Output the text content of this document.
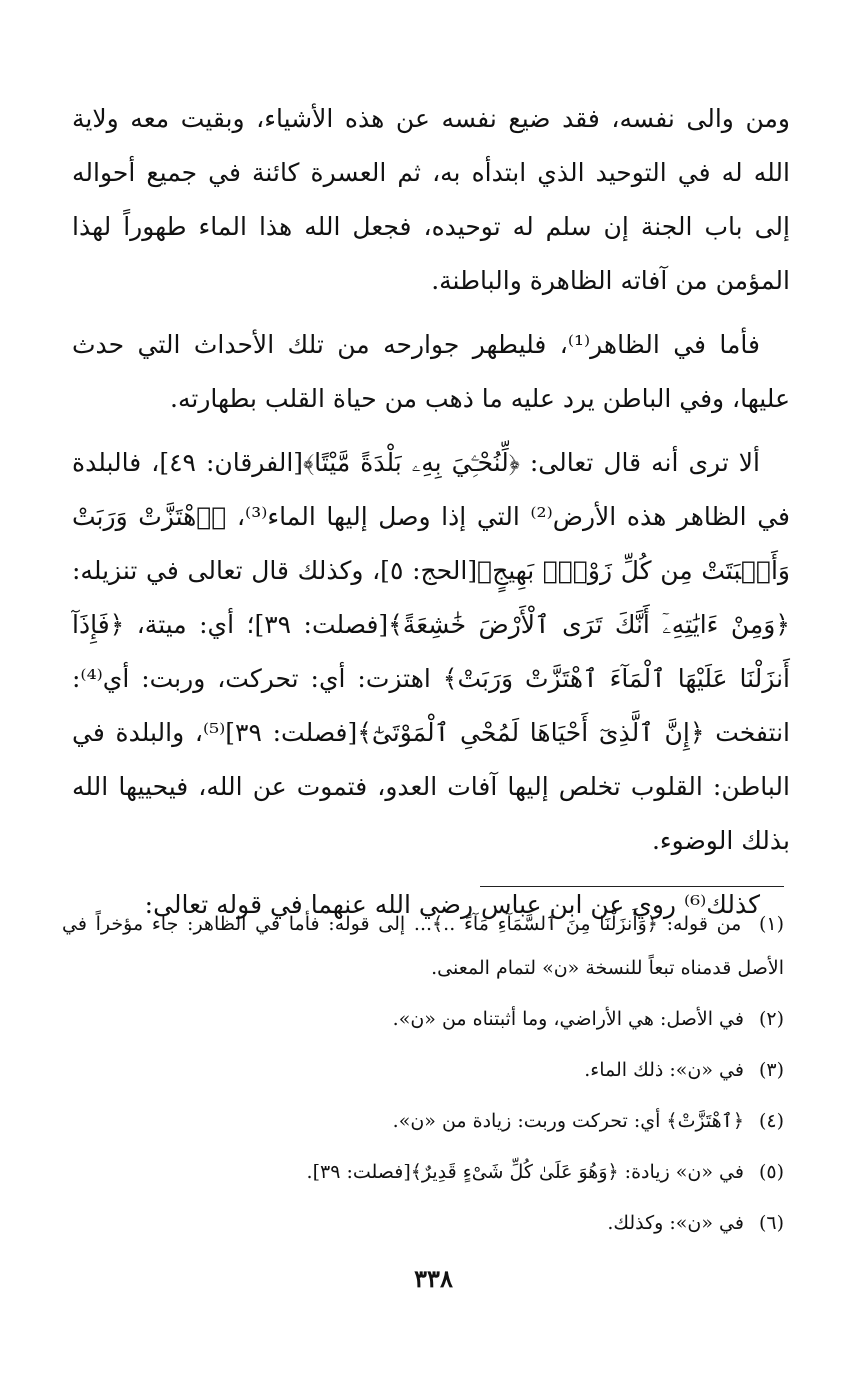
ومن والى نفسه، فقد ضيع نفسه عن هذه الأشياء، وبقيت معه ولاية الله له في التوحيد الذي ابتدأه به، ثم العسرة كائنة في جميع أحواله إلى باب الجنة إن سلم له توحيده، فجعل الله هذا الماء طهوراً لهذا المؤمن من آفاته الظاهرة والباطنة.

فأما في الظاهر⁽¹⁾، فليطهر جوارحه من تلك الأحداث التي حدث عليها، وفي الباطن يرد عليه ما ذهب من حياة القلب بطهارته.

ألا ترى أنه قال تعالى: ﴿لِّنُحْـِۧيَ بِهِۦ بَلْدَةً مَّيْتًا﴾[الفرقان: ٤٩]، فالبلدة في الظاهر هذه الأرض⁽²⁾ التي إذا وصل إليها الماء⁽³⁾، ﴿ٱهْتَزَّتْ وَرَبَتْ وَأَنۢبَتَتْ مِن كُلِّ زَوْجٍۭ بَهِيجٍ﴾[الحج: ٥]، وكذلك قال تعالى في تنزيله: ﴿وَمِنْ ءَايَٰتِهِۦٓ أَنَّكَ تَرَى ٱلْأَرْضَ خَٰشِعَةً﴾[فصلت: ٣٩]؛ أي: ميتة، ﴿فَإِذَآ أَنزَلْنَا عَلَيْهَا ٱلْمَآءَ ٱهْتَزَّتْ وَرَبَتْ﴾ اهتزت: أي: تحركت، وربت: أي⁽⁴⁾: انتفخت ﴿إِنَّ ٱلَّذِىٓ أَحْيَاهَا لَمُحْىِ ٱلْمَوْتَىٰٓ﴾[فصلت: ٣٩]⁽⁵⁾، والبلدة في الباطن: القلوب تخلص إليها آفات العدو، فتموت عن الله، فيحييها الله بذلك الوضوء.

كذلك⁽⁶⁾ روي عن ابن عباس رضي الله عنهما في قوله تعالى:

(١) من قوله: ﴿وَأَنزَلْنَا مِنَ ٱلسَّمَآءِ مَآءً ..﴾... إلى قوله: فأما في الظاهر: جاء مؤخراً في الأصل قدمناه تبعاً للنسخة «ن» لتمام المعنى.

(٢) في الأصل: هي الأراضي، وما أثبتناه من «ن».

(٣) في «ن»: ذلك الماء.

(٤) ﴿ٱهْتَزَّتْ﴾ أي: تحركت وربت: زيادة من «ن».

(٥) في «ن» زيادة: ﴿وَهُوَ عَلَىٰ كُلِّ شَىْءٍ قَدِيرٌ﴾[فصلت: ٣٩].

(٦) في «ن»: وكذلك.

٣٣٨
